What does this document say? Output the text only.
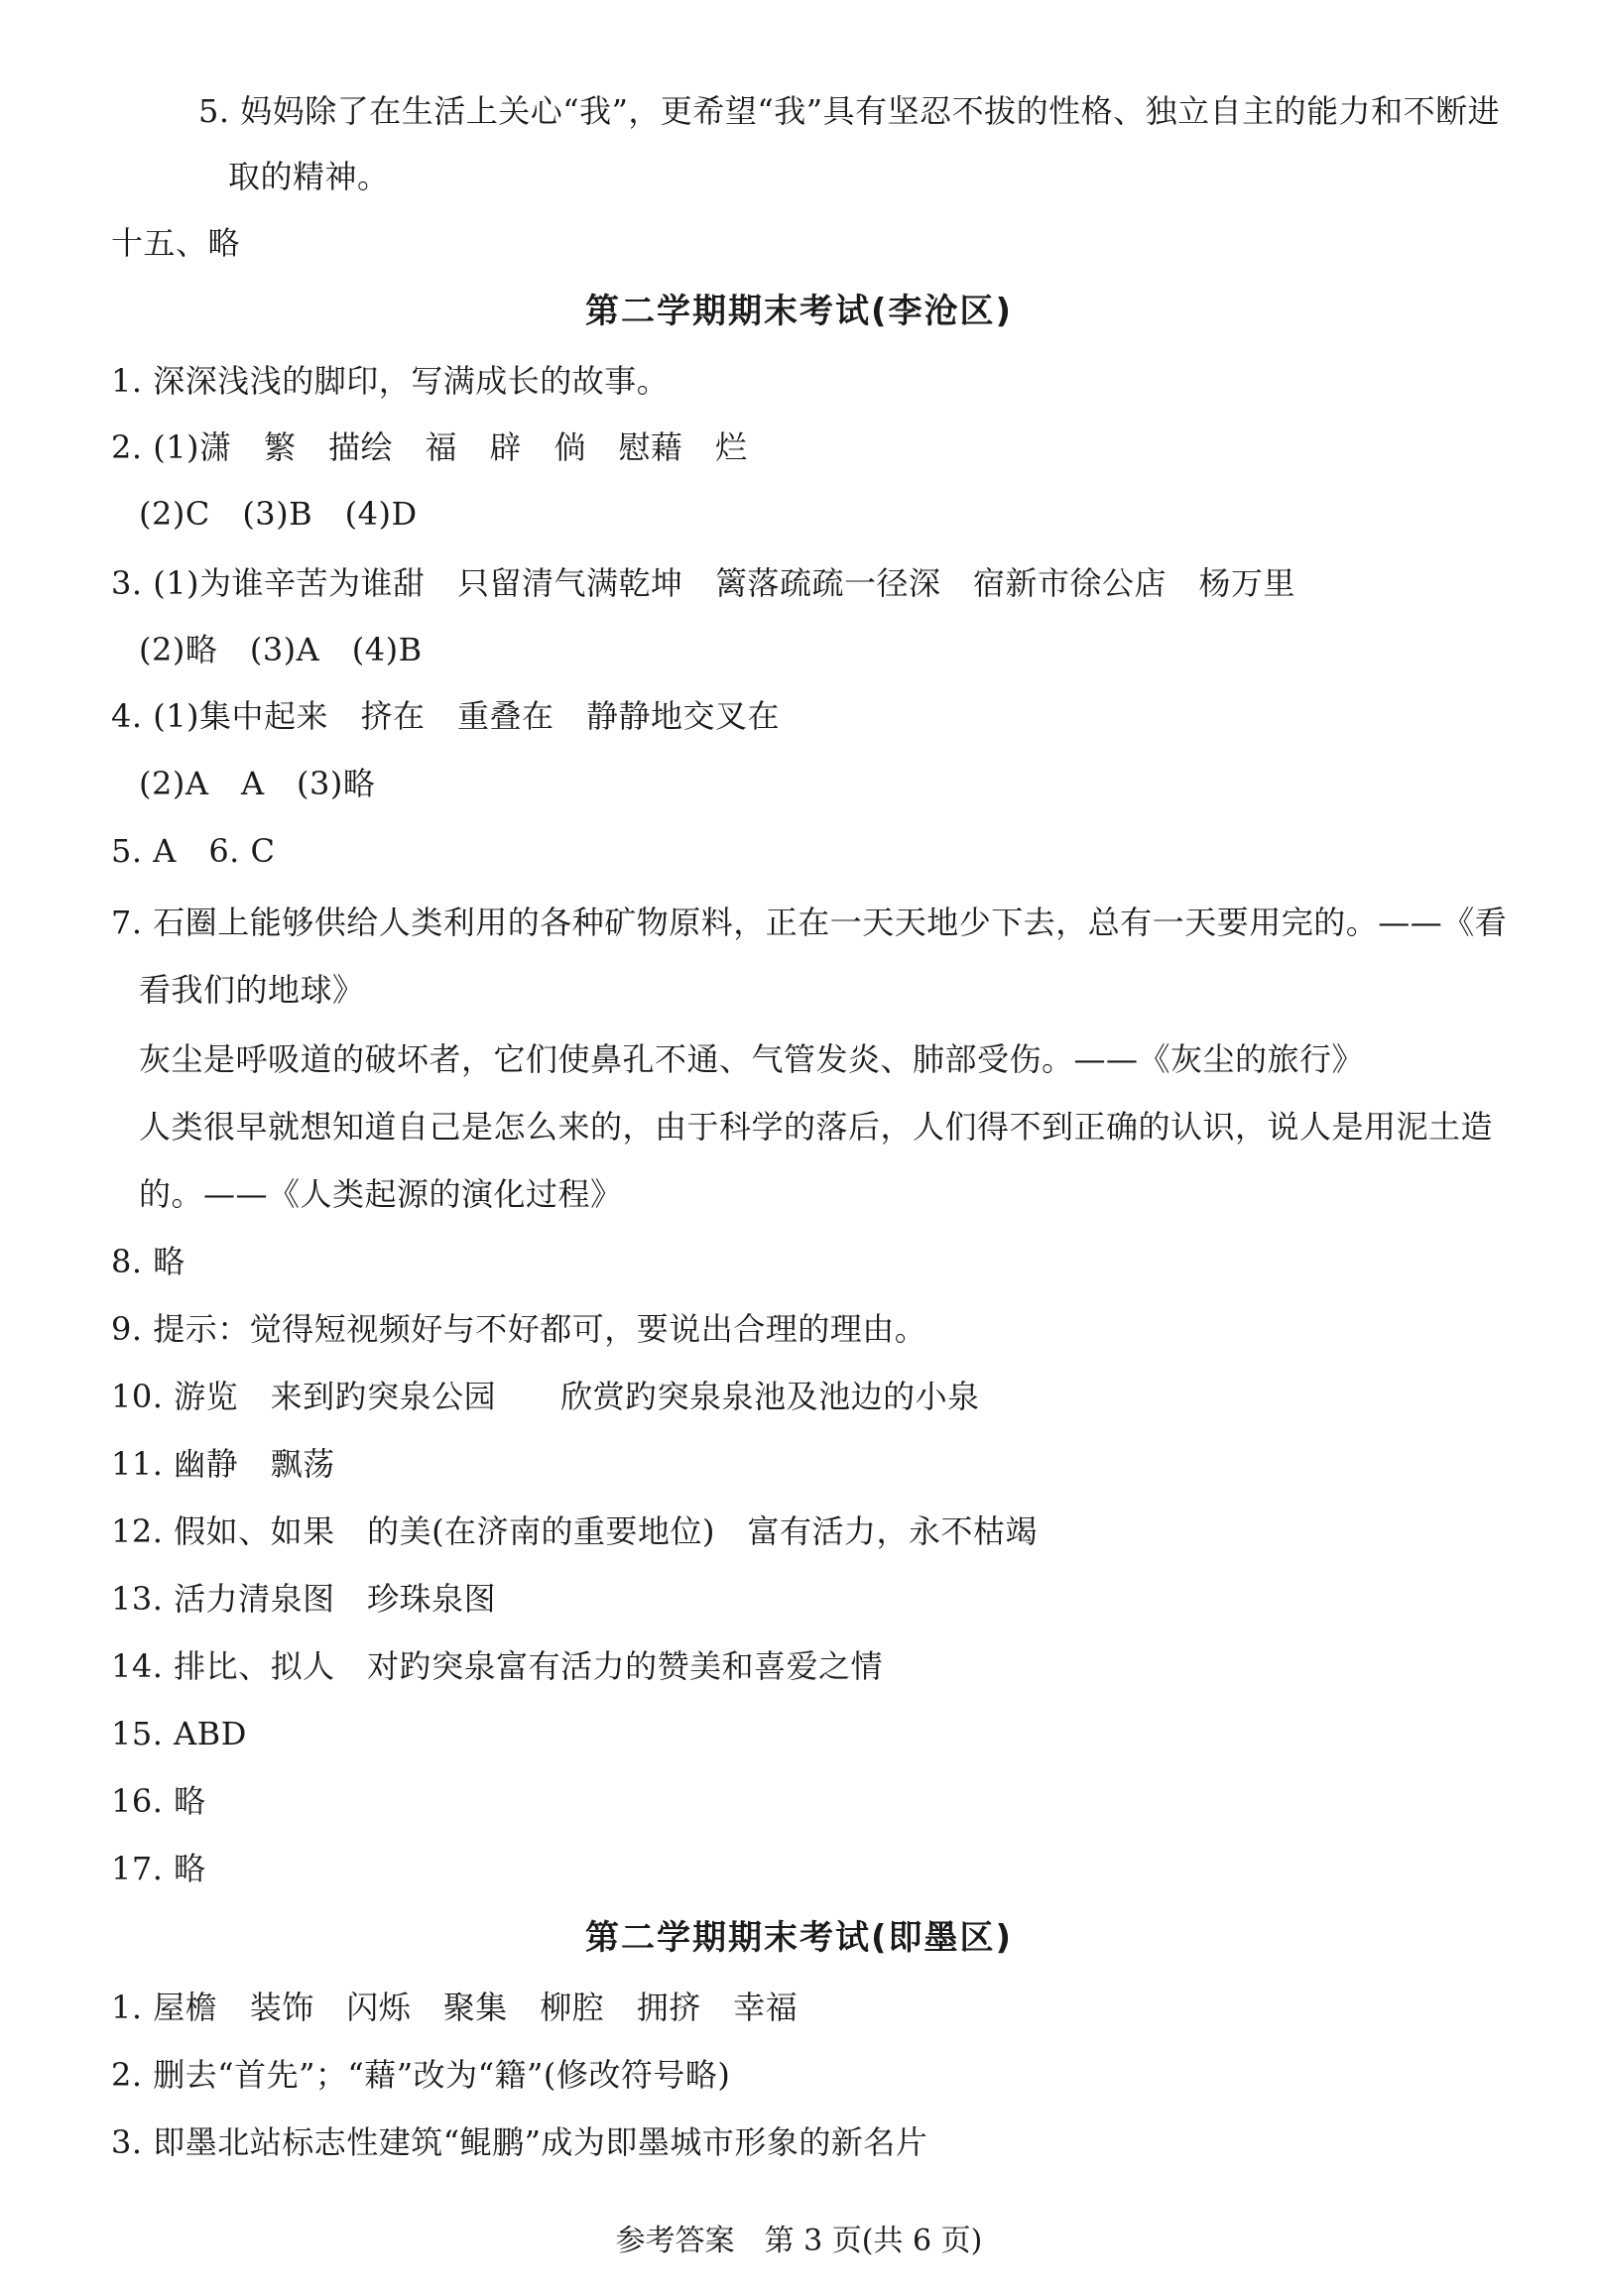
5. 妈妈除了在生活上关心“我”，更希望“我”具有坚忍不拔的性格、独立自主的能力和不断进
取的精神。
十五、略
第二学期期末考试(李沧区)
1. 深深浅浅的脚印，写满成长的故事。
2. (1)潇　繁　描绘　福　辟　倘　慰藉　烂
(2)C　(3)B　(4)D
3. (1)为谁辛苦为谁甜　只留清气满乾坤　篱落疏疏一径深　宿新市徐公店　杨万里
(2)略　(3)A　(4)B
4. (1)集中起来　挤在　重叠在　静静地交叉在
(2)A　A　(3)略
5. A　6. C
7. 石圈上能够供给人类利用的各种矿物原料，正在一天天地少下去，总有一天要用完的。——《看
看我们的地球》
灰尘是呼吸道的破坏者，它们使鼻孔不通、气管发炎、肺部受伤。——《灰尘的旅行》
人类很早就想知道自己是怎么来的，由于科学的落后，人们得不到正确的认识，说人是用泥土造
的。——《人类起源的演化过程》
8. 略
9. 提示：觉得短视频好与不好都可，要说出合理的理由。
10. 游览　来到趵突泉公园　　欣赏趵突泉泉池及池边的小泉
11. 幽静　飘荡
12. 假如、如果　的美(在济南的重要地位)　富有活力，永不枯竭
13. 活力清泉图　珍珠泉图
14. 排比、拟人　对趵突泉富有活力的赞美和喜爱之情
15. ABD
16. 略
17. 略
第二学期期末考试(即墨区)
1. 屋檐　装饰　闪烁　聚集　柳腔　拥挤　幸福
2. 删去“首先”；“藉”改为“籍”(修改符号略)
3. 即墨北站标志性建筑“鲲鹏”成为即墨城市形象的新名片
参考答案　第 3 页(共 6 页)
